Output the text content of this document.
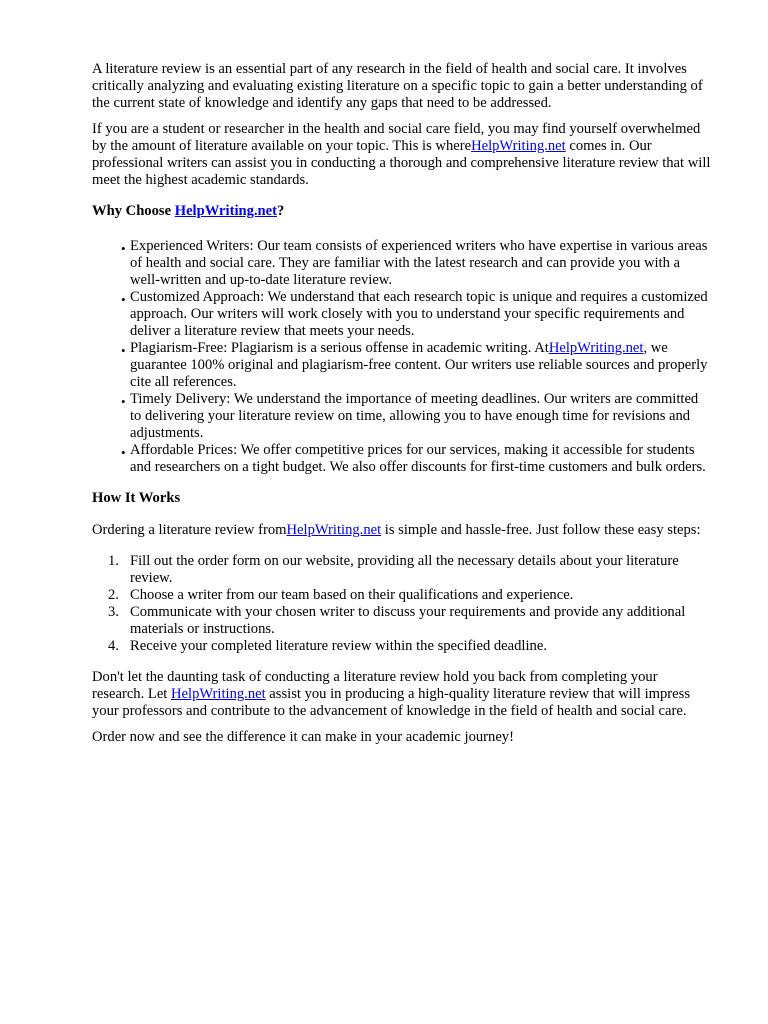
A literature review is an essential part of any research in the field of health and social care. It involves critically analyzing and evaluating existing literature on a specific topic to gain a better understanding of the current state of knowledge and identify any gaps that need to be addressed.

If you are a student or researcher in the health and social care field, you may find yourself overwhelmed by the amount of literature available on your topic. This is whereHelpWriting.net comes in. Our professional writers can assist you in conducting a thorough and comprehensive literature review that will meet the highest academic standards.

Why Choose HelpWriting.net?
• Experienced Writers: Our team consists of experienced writers who have expertise in various areas of health and social care. They are familiar with the latest research and can provide you with a well-written and up-to-date literature review.
• Customized Approach: We understand that each research topic is unique and requires a customized approach. Our writers will work closely with you to understand your specific requirements and deliver a literature review that meets your needs.
• Plagiarism-Free: Plagiarism is a serious offense in academic writing. AtHelpWriting.net, we guarantee 100% original and plagiarism-free content. Our writers use reliable sources and properly cite all references.
• Timely Delivery: We understand the importance of meeting deadlines. Our writers are committed to delivering your literature review on time, allowing you to have enough time for revisions and adjustments.
• Affordable Prices: We offer competitive prices for our services, making it accessible for students and researchers on a tight budget. We also offer discounts for first-time customers and bulk orders.
How It Works

Ordering a literature review fromHelpWriting.net is simple and hassle-free. Just follow these easy steps:

1. Fill out the order form on our website, providing all the necessary details about your literature review.
2. Choose a writer from our team based on their qualifications and experience.
3. Communicate with your chosen writer to discuss your requirements and provide any additional materials or instructions.
4. Receive your completed literature review within the specified deadline.

Don't let the daunting task of conducting a literature review hold you back from completing your research. Let HelpWriting.net assist you in producing a high-quality literature review that will impress your professors and contribute to the advancement of knowledge in the field of health and social care.

Order now and see the difference it can make in your academic journey!
